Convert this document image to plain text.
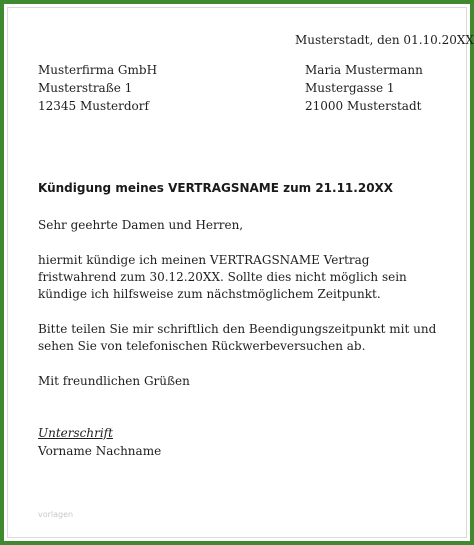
Musterstadt, den 01.10.20XX
Musterfirma GmbH
Musterstraße 1
12345 Musterdorf
Maria Mustermann
Mustergasse 1
21000 Musterstadt
Kündigung meines VERTRAGSNAME zum 21.11.20XX
Sehr geehrte Damen und Herren,
hiermit kündige ich meinen VERTRAGSNAME Vertrag fristwahrend zum 30.12.20XX. Sollte dies nicht möglich sein kündige ich hilfsweise zum nächstmöglichem Zeitpunkt.
Bitte teilen Sie mir schriftlich den Beendigungszeitpunkt mit und sehen Sie von telefonischen Rückwerbeversuchen ab.
Mit freundlichen Grüßen
Unterschrift
Vorname Nachname
vorlagen
